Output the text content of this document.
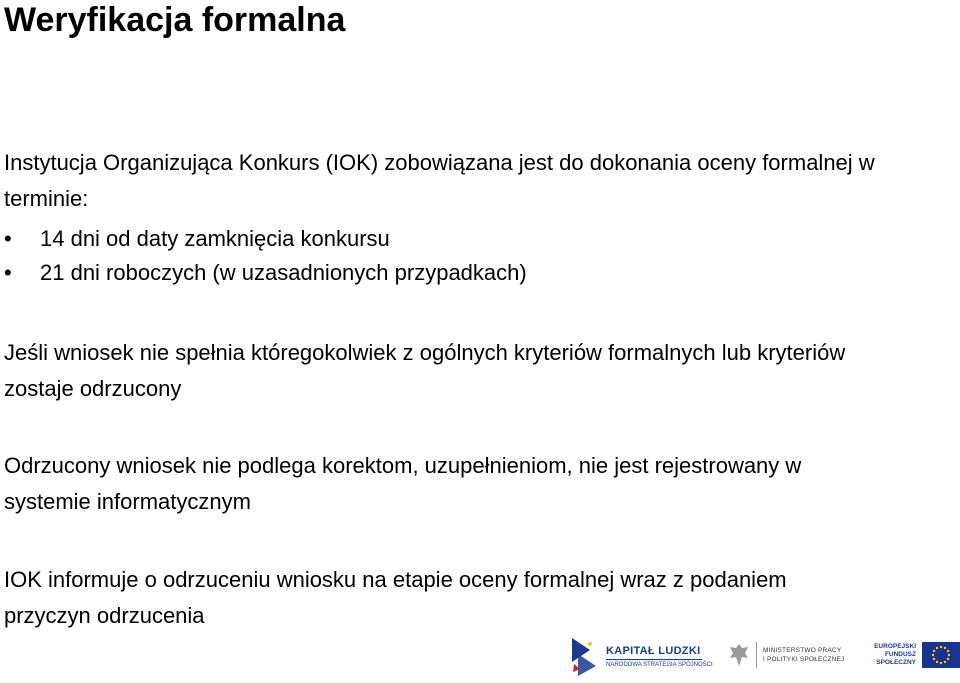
Weryfikacja formalna
Instytucja Organizująca Konkurs (IOK) zobowiązana jest do dokonania oceny formalnej w terminie:
•	14 dni od daty zamknięcia konkursu
•	21 dni roboczych (w uzasadnionych przypadkach)
Jeśli wniosek nie spełnia któregokolwiek z ogólnych kryteriów formalnych lub kryteriów zostaje odrzucony
Odrzucony wniosek nie podlega korektom, uzupełnieniom, nie jest rejestrowany w systemie informatycznym
IOK informuje o odrzuceniu wniosku na etapie oceny formalnej wraz z podaniem przyczyn odrzucenia
KAPITAŁ LUDZKI
NARODOWA STRATEGIA SPÓJNOŚCI
MINISTERSTWO PRACY
I POLITYKI SPOŁECZNEJ
EUROPEJSKI
FUNDUSZ SPOŁECZNY
